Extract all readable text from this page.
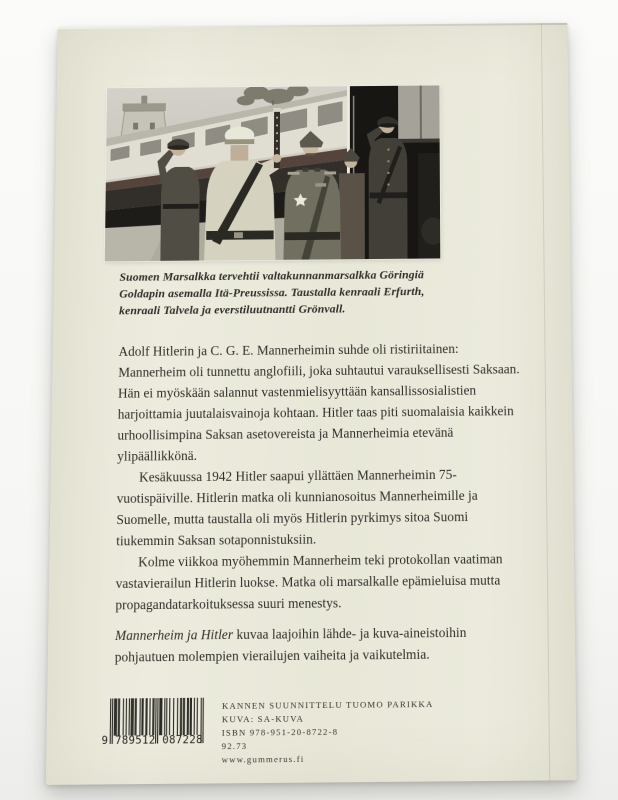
Suomen Marsalkka tervehtii valtakunnanmarsalkka Göringiä Goldapin asemalla Itä-Preussissa. Taustalla kenraali Erfurth, kenraali Talvela ja everstiluutnantti Grönvall.

Adolf Hitlerin ja C. G. E. Mannerheimin suhde oli ristiriitainen: Mannerheim oli tunnettu anglofiili, joka suhtautui varauksellisesti Saksaan. Hän ei myöskään salannut vastenmielisyyttään kansallissosialistien harjoittamia juutalaisvainoja kohtaan. Hitler taas piti suomalaisia kaikkein urhoollisimpina Saksan asetovereista ja Mannerheimia etevänä ylipäällikkönä.

Kesäkuussa 1942 Hitler saapui yllättäen Mannerheimin 75-vuotispäiville. Hitlerin matka oli kunnianosoitus Mannerheimille ja Suomelle, mutta taustalla oli myös Hitlerin pyrkimys sitoa Suomi tiukemmin Saksan sotaponnistuksiin.

Kolme viikkoa myöhemmin Mannerheim teki protokollan vaatiman vastavierailun Hitlerin luokse. Matka oli marsalkalle epämieluisa mutta propagandatarkoituksessa suuri menestys.

Mannerheim ja Hitler kuvaa laajoihin lähde- ja kuva-aineistoihin pohjautuen molempien vierailujen vaiheita ja vaikutelmia.

9 789512 087228
KANNEN SUUNNITTELU TUOMO PARIKKA
KUVA: SA-KUVA
ISBN 978-951-20-8722-8
92.73
www.gummerus.fi
